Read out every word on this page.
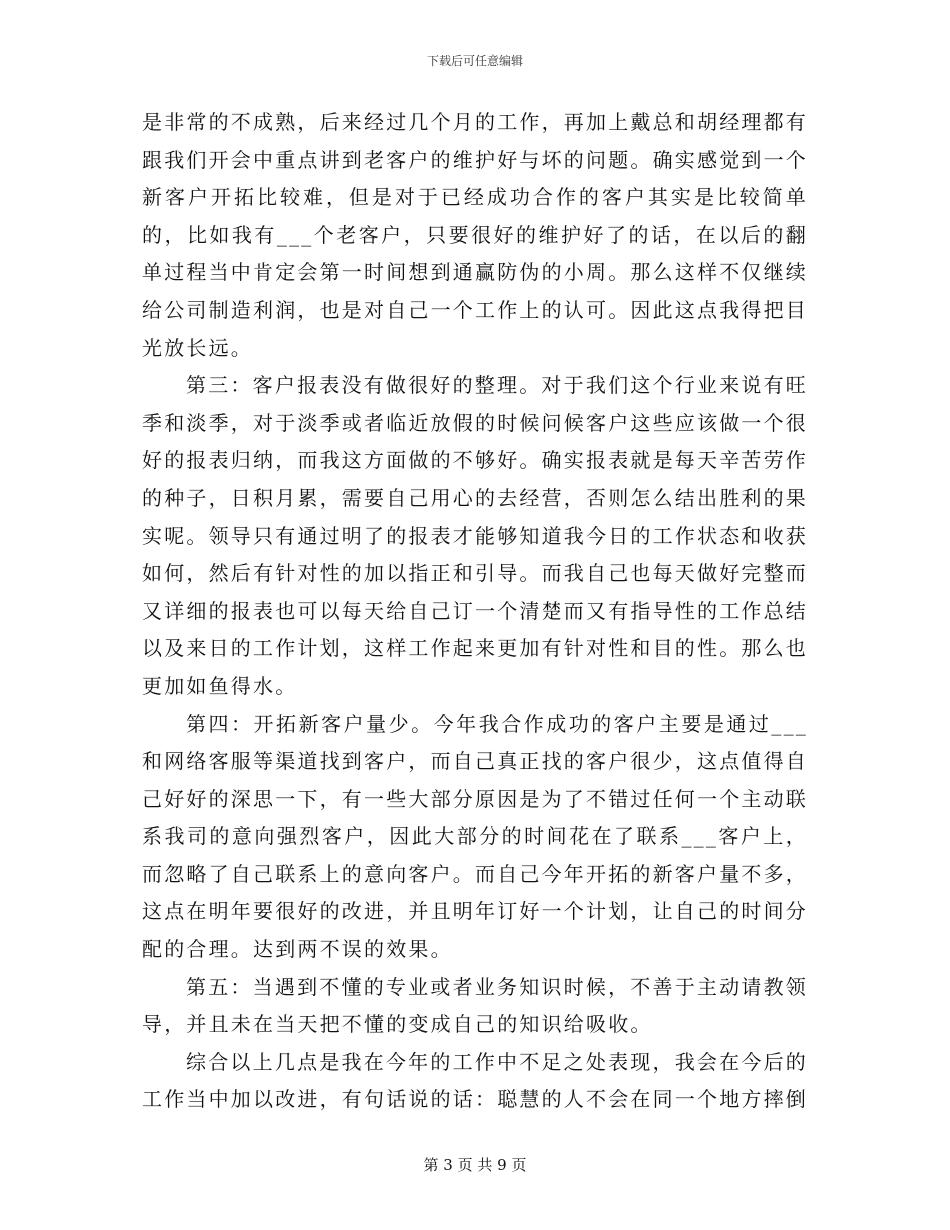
下载后可任意编辑

是非常的不成熟，后来经过几个月的工作，再加上戴总和胡经理都有跟我们开会中重点讲到老客户的维护好与坏的问题。确实感觉到一个新客户开拓比较难，但是对于已经成功合作的客户其实是比较简单的，比如我有___个老客户，只要很好的维护好了的话，在以后的翻单过程当中肯定会第一时间想到通赢防伪的小周。那么这样不仅继续给公司制造利润，也是对自己一个工作上的认可。因此这点我得把目光放长远。

第三：客户报表没有做很好的整理。对于我们这个行业来说有旺季和淡季，对于淡季或者临近放假的时候问候客户这些应该做一个很好的报表归纳，而我这方面做的不够好。确实报表就是每天辛苦劳作的种子，日积月累，需要自己用心的去经营，否则怎么结出胜利的果实呢。领导只有通过明了的报表才能够知道我今日的工作状态和收获如何，然后有针对性的加以指正和引导。而我自己也每天做好完整而又详细的报表也可以每天给自己订一个清楚而又有指导性的工作总结以及来日的工作计划，这样工作起来更加有针对性和目的性。那么也更加如鱼得水。

第四：开拓新客户量少。今年我合作成功的客户主要是通过___和网络客服等渠道找到客户，而自己真正找的客户很少，这点值得自己好好的深思一下，有一些大部分原因是为了不错过任何一个主动联系我司的意向强烈客户，因此大部分的时间花在了联系___客户上，而忽略了自己联系上的意向客户。而自己今年开拓的新客户量不多，这点在明年要很好的改进，并且明年订好一个计划，让自己的时间分配的合理。达到两不误的效果。

第五：当遇到不懂的专业或者业务知识时候，不善于主动请教领导，并且未在当天把不懂的变成自己的知识给吸收。

综合以上几点是我在今年的工作中不足之处表现，我会在今后的工作当中加以改进，有句话说的话：聪慧的人不会在同一个地方摔倒

第 3 页 共 9 页
